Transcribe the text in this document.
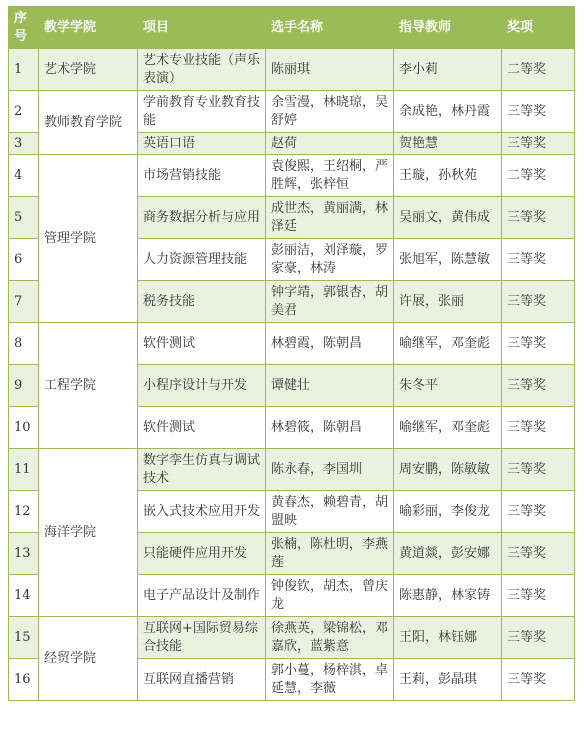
序号	教学学院	项目	选手名称	指导教师	奖项
1	艺术学院	艺术专业技能（声乐表演）	陈丽琪	李小莉	二等奖
2	教师教育学院	学前教育专业教育技能	余雪漫，林晓琼，吴舒婷	余成艳，林丹霞	三等奖
3		英语口语	赵荷	贺艳慧	三等奖
4	管理学院	市场营销技能	袁俊熙，王绍桐，严胜辉，张梓恒	王璇，孙秋苑	二等奖
5		商务数据分析与应用	成世杰，黄丽满，林泽廷	吴丽文，黄伟成	三等奖
6		人力资源管理技能	彭丽洁，刘泽璇，罗家豪，林涛	张旭军，陈慧敏	三等奖
7		税务技能	钟字靖，郭银杏，胡美君	许展，张丽	三等奖
8	工程学院	软件测试	林碧霞，陈朝昌	喻继军，邓奎彪	三等奖
9		小程序设计与开发	谭健壮	朱冬平	三等奖
10		软件测试	林碧筱，陈朝昌	喻继军，邓奎彪	三等奖
11	海洋学院	数字孪生仿真与调试技术	陈永春，李国圳	周安鹏，陈敏敏	三等奖
12		嵌入式技术应用开发	黄春杰，赖碧青，胡盟映	喻彩丽，李俊龙	三等奖
13		只能硬件应用开发	张楠，陈杜明，李燕莲	黄道燚，彭安娜	三等奖
14		电子产品设计及制作	钟俊钦，胡杰，曾庆龙	陈惠静，林家铸	三等奖
15	经贸学院	互联网+国际贸易综合技能	徐燕英，梁锦松，邓嘉欣，蓝紫意	王阳，林钰娜	三等奖
16		互联网直播营销	郭小蔓，杨梓淇，卓延慧，李薇	王莉，彭晶琪	三等奖
